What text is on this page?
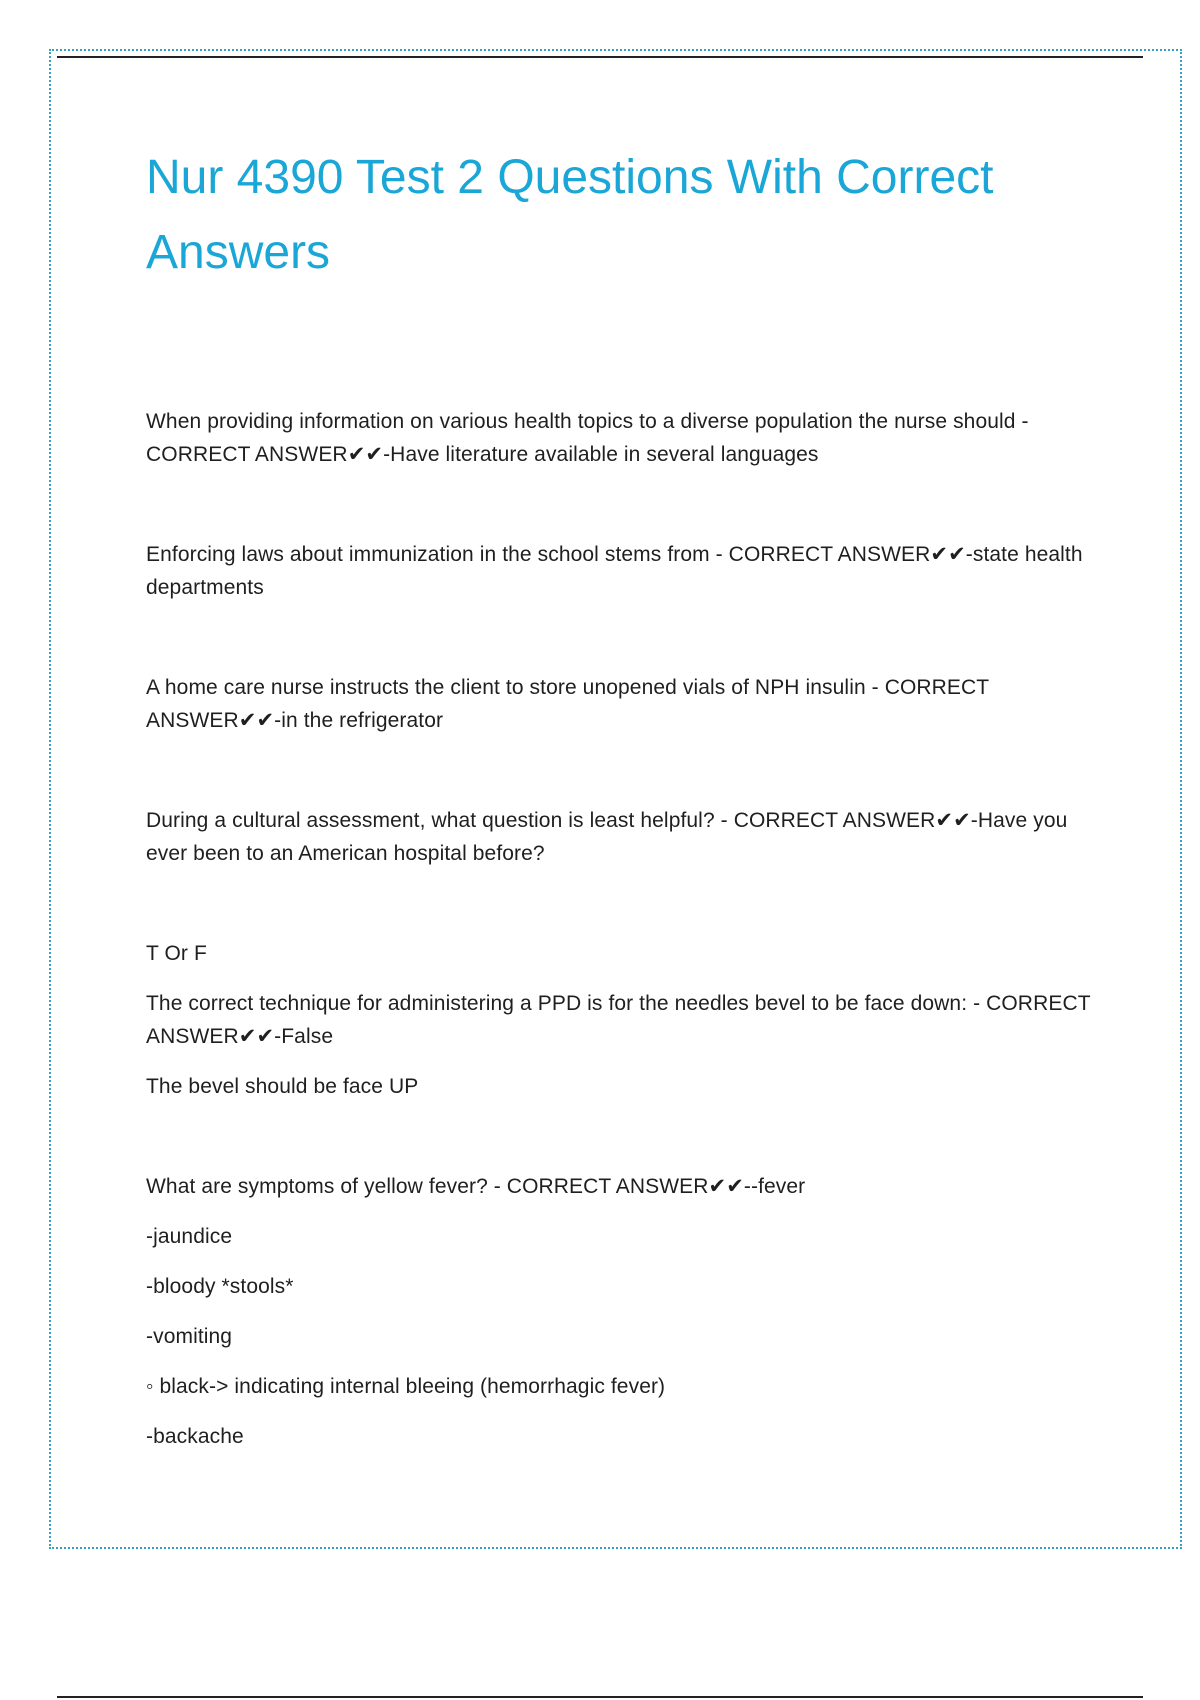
Nur 4390 Test 2 Questions With Correct Answers

When providing information on various health topics to a diverse population the nurse should - CORRECT ANSWER✔✔-Have literature available in several languages

Enforcing laws about immunization in the school stems from - CORRECT ANSWER✔✔-state health departments

A home care nurse instructs the client to store unopened vials of NPH insulin - CORRECT ANSWER✔✔-in the refrigerator

During a cultural assessment, what question is least helpful? - CORRECT ANSWER✔✔-Have you ever been to an American hospital before?

T Or F

The correct technique for administering a PPD is for the needles bevel to be face down: - CORRECT ANSWER✔✔-False

The bevel should be face UP

What are symptoms of yellow fever? - CORRECT ANSWER✔✔--fever

-jaundice

-bloody *stools*

-vomiting

◦ black-> indicating internal bleeing (hemorrhagic fever)

-backache
